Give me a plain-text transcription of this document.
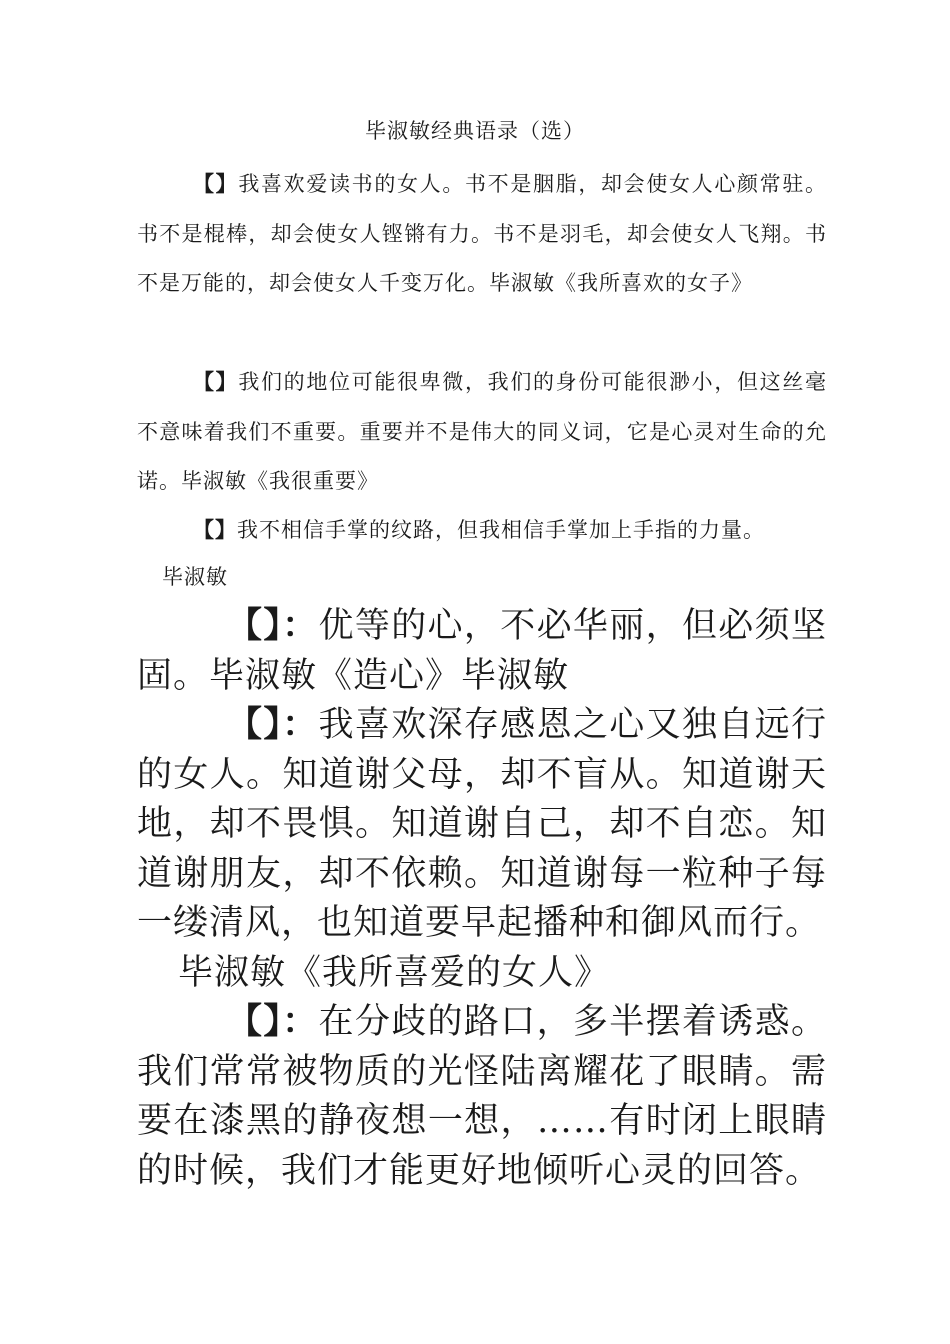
毕淑敏经典语录（选）

【】我喜欢爱读书的女人。书不是胭脂，却会使女人心颜常驻。书不是棍棒，却会使女人铿锵有力。书不是羽毛，却会使女人飞翔。书不是万能的，却会使女人千变万化。毕淑敏《我所喜欢的女子》

【】我们的地位可能很卑微，我们的身份可能很渺小，但这丝毫不意味着我们不重要。重要并不是伟大的同义词，它是心灵对生命的允诺。毕淑敏《我很重要》

【】我不相信手掌的纹路，但我相信手掌加上手指的力量。

毕淑敏

【】：优等的心，不必华丽，但必须坚固。毕淑敏《造心》毕淑敏

【】：我喜欢深存感恩之心又独自远行的女人。知道谢父母，却不盲从。知道谢天地，却不畏惧。知道谢自己，却不自恋。知道谢朋友，却不依赖。知道谢每一粒种子每一缕清风，也知道要早起播种和御风而行。

毕淑敏《我所喜爱的女人》

【】：在分歧的路口，多半摆着诱惑。我们常常被物质的光怪陆离耀花了眼睛。需要在漆黑的静夜想一想，……有时闭上眼睛的时候，我们才能更好地倾听心灵的回答。
